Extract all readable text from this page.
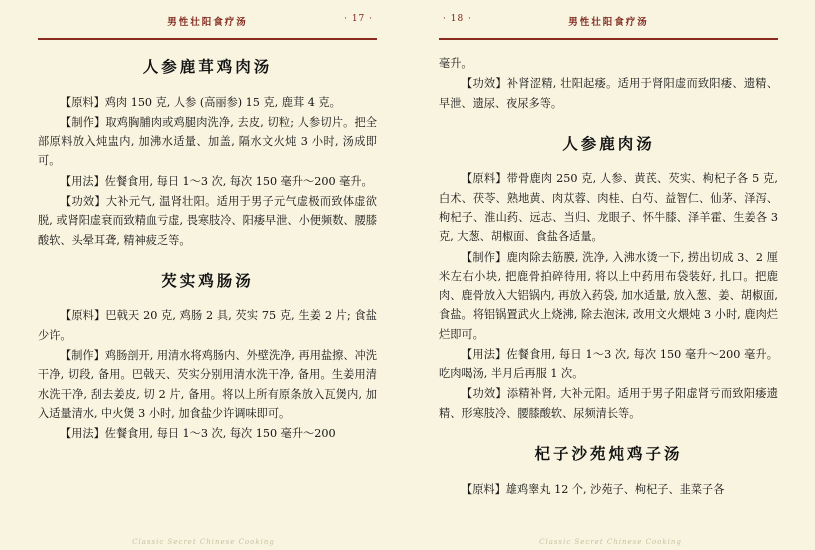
男性壮阳食疗汤	· 17 ·
人参鹿茸鸡肉汤

【原料】鸡肉 150 克, 人参 (高丽参) 15 克, 鹿茸 4 克。

【制作】取鸡胸脯肉或鸡腿肉洗净, 去皮, 切粒; 人参切片。把全部原料放入炖盅内, 加沸水适量、加盖, 隔水文火炖 3 小时, 汤成即可。

【用法】佐餐食用, 每日 1～3 次, 每次 150 毫升～200 毫升。

【功效】大补元气, 温肾壮阳。适用于男子元气虚极而致体虚欲脱, 或肾阳虚衰而致精血亏虚, 畏寒肢冷、阳痿早泄、小便频数、腰膝酸软、头晕耳聋, 精神疲乏等。

芡实鸡肠汤

【原料】巴戟天 20 克, 鸡肠 2 具, 芡实 75 克, 生姜 2 片; 食盐少许。

【制作】鸡肠剖开, 用清水将鸡肠内、外壁洗净, 再用盐擦、冲洗干净, 切段, 备用。巴戟天、芡实分别用清水洗干净, 备用。生姜用清水洗干净, 刮去姜皮, 切 2 片, 备用。将以上所有原条放入瓦煲内, 加入适量清水, 中火煲 3 小时, 加食盐少许调味即可。

【用法】佐餐食用, 每日 1～3 次, 每次 150 毫升～200

Classic Secret Chinese Cooking
男性壮阳食疗汤
· 18 ·

毫升。

【功效】补肾涩精, 壮阳起痿。适用于肾阳虚而致阳痿、遗精、早泄、遗尿、夜尿多等。

人参鹿肉汤

【原料】带骨鹿肉 250 克, 人参、黄芪、芡实、枸杞子各 5 克, 白术、茯苓、熟地黄、肉苁蓉、肉桂、白芍、益智仁、仙茅、泽泻、枸杞子、淮山药、远志、当归、龙眼子、怀牛膝、泽羊霍、生姜各 3 克, 大葱、胡椒面、食盐各适量。

【制作】鹿肉除去筋膜, 洗净, 入沸水烫一下, 捞出切成 3、2 厘米左右小块, 把鹿骨拍碎待用, 将以上中药用布袋装好, 扎口。把鹿肉、鹿骨放入大铝锅内, 再放入药袋, 加水适量, 放入葱、姜、胡椒面, 食盐。将铝锅置武火上烧沸, 除去泡沫, 改用文火煨炖 3 小时, 鹿肉烂烂即可。

【用法】佐餐食用, 每日 1～3 次, 每次 150 毫升～200 毫升。吃肉喝汤, 半月后再服 1 次。

【功效】添精补肾, 大补元阳。适用于男子阳虚肾亏而致阳痿遗精、形寒肢冷、腰膝酸软、尿频清长等。

杞子沙苑炖鸡子汤

【原料】雄鸡睾丸 12 个, 沙苑子、枸杞子、韭菜子各

Classic Secret Chinese Cooking
